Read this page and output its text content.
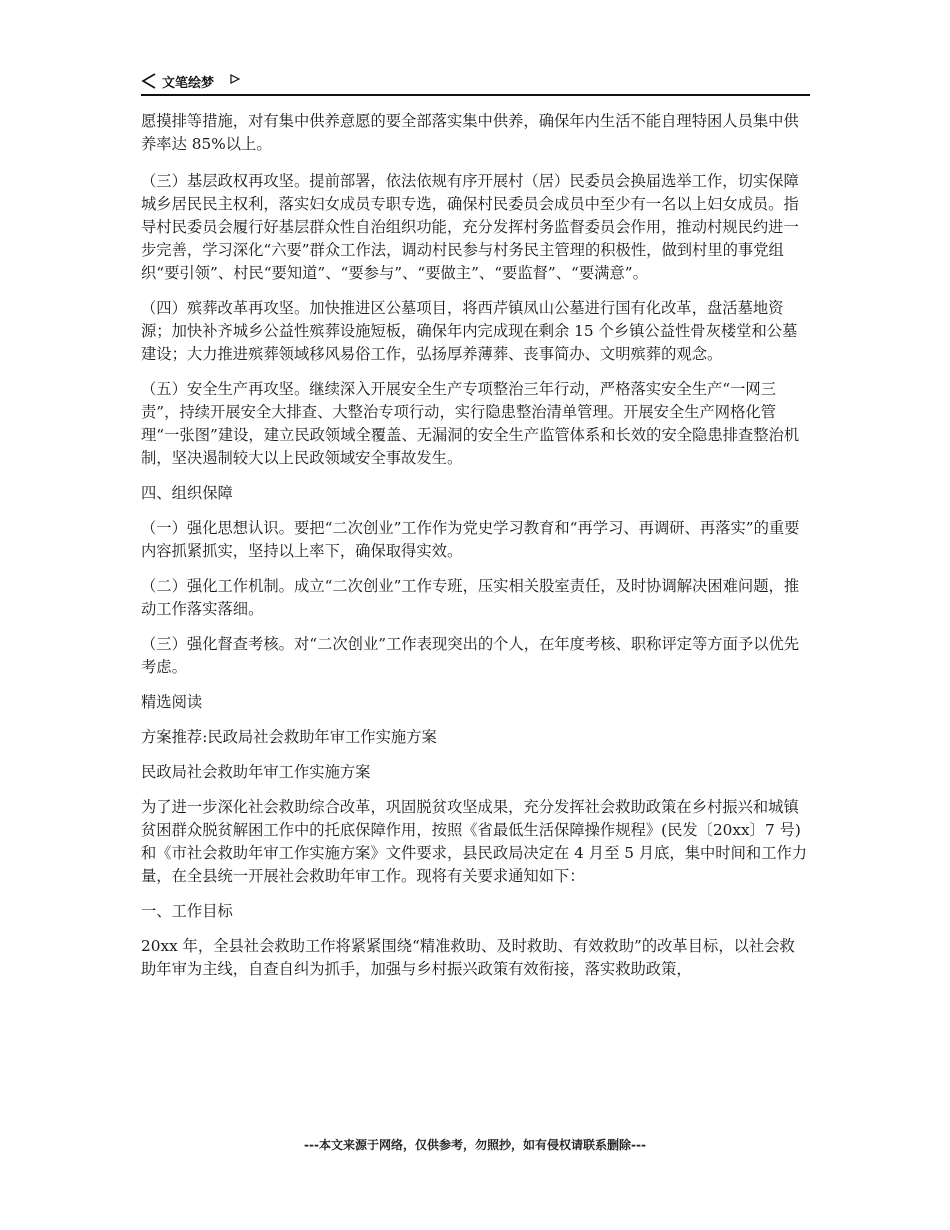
文笔绘梦

愿摸排等措施，对有集中供养意愿的要全部落实集中供养，确保年内生活不能自理特困人员集中供养率达 85%以上。

（三）基层政权再攻坚。提前部署，依法依规有序开展村（居）民委员会换届选举工作，切实保障城乡居民民主权利，落实妇女成员专职专选，确保村民委员会成员中至少有一名以上妇女成员。指导村民委员会履行好基层群众性自治组织功能，充分发挥村务监督委员会作用，推动村规民约进一步完善，学习深化“六要”群众工作法，调动村民参与村务民主管理的积极性，做到村里的事党组织“要引领”、村民“要知道”、“要参与”、“要做主”、“要监督”、“要满意”。

（四）殡葬改革再攻坚。加快推进区公墓项目，将西芹镇凤山公墓进行国有化改革，盘活墓地资源；加快补齐城乡公益性殡葬设施短板，确保年内完成现在剩余 15 个乡镇公益性骨灰楼堂和公墓建设；大力推进殡葬领域移风易俗工作，弘扬厚养薄葬、丧事简办、文明殡葬的观念。

（五）安全生产再攻坚。继续深入开展安全生产专项整治三年行动，严格落实安全生产“一网三责”，持续开展安全大排查、大整治专项行动，实行隐患整治清单管理。开展安全生产网格化管理“一张图”建设，建立民政领域全覆盖、无漏洞的安全生产监管体系和长效的安全隐患排查整治机制，坚决遏制较大以上民政领域安全事故发生。

四、组织保障

（一）强化思想认识。要把“二次创业”工作作为党史学习教育和“再学习、再调研、再落实”的重要内容抓紧抓实，坚持以上率下，确保取得实效。

（二）强化工作机制。成立“二次创业”工作专班，压实相关股室责任，及时协调解决困难问题，推动工作落实落细。

（三）强化督查考核。对“二次创业”工作表现突出的个人，在年度考核、职称评定等方面予以优先考虑。

精选阅读

方案推荐:民政局社会救助年审工作实施方案

民政局社会救助年审工作实施方案

为了进一步深化社会救助综合改革，巩固脱贫攻坚成果，充分发挥社会救助政策在乡村振兴和城镇贫困群众脱贫解困工作中的托底保障作用，按照《省最低生活保障操作规程》(民发〔20xx〕7 号)和《市社会救助年审工作实施方案》文件要求，县民政局决定在 4 月至 5 月底，集中时间和工作力量，在全县统一开展社会救助年审工作。现将有关要求通知如下：

一、工作目标

20xx 年，全县社会救助工作将紧紧围绕“精准救助、及时救助、有效救助”的改革目标，以社会救助年审为主线，自查自纠为抓手，加强与乡村振兴政策有效衔接，落实救助政策，

---本文来源于网络，仅供参考，勿照抄，如有侵权请联系删除---
